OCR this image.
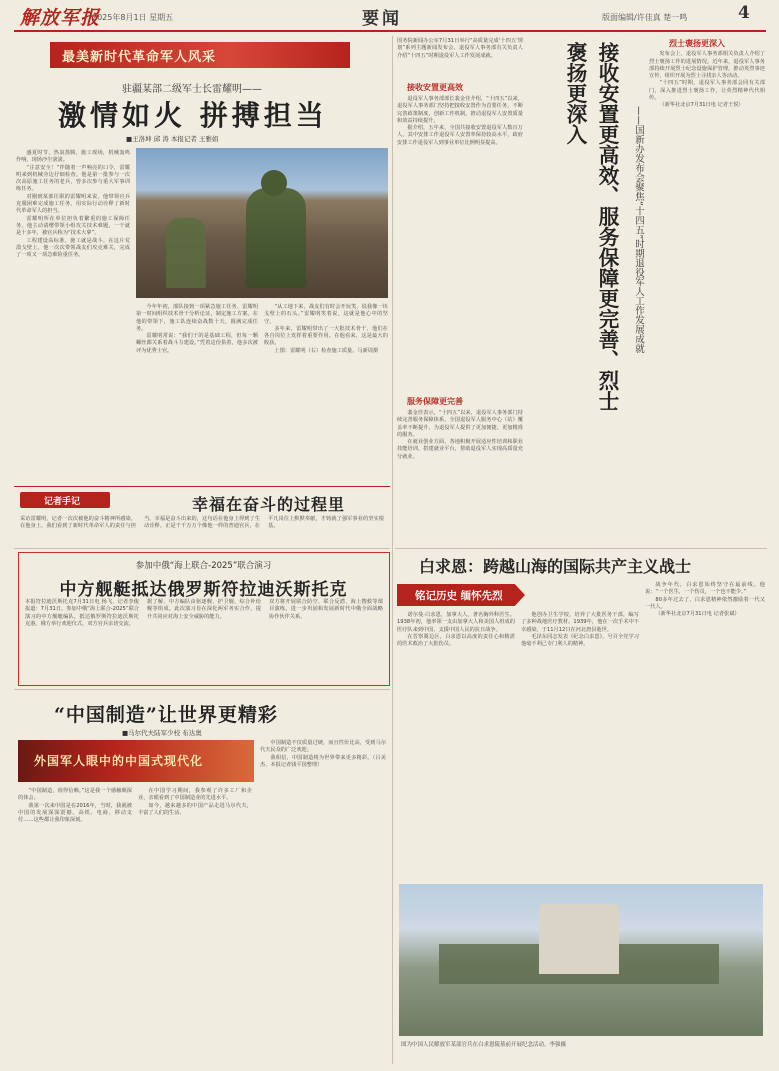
解放军报
2025年8月1日 星期五	要闻	版面编辑/许佳真 楚一鸣	4
最美新时代革命军人风采
驻疆某部二级军士长雷耀明——
激情如火 拼搏担当
■王洛坤 邱 涛 本报记者 王雅娟

盛夏时节，热浪蒸腾。施工现场，机械轰鸣作响，现场沙尘滚滚。

“注意安全！”伴随着一声响亮的口令，雷耀明来到机械旁边仔细检查。他是第一批参与一次次高原施工任务的老兵，曾多次参与重大军事训练任务。

对刚到某部任职的雷耀明来说，他带领官兵克服困难完成施工任务，用实际行动诠释了新时代革命军人的担当。

雷耀明所在单位担负着繁重的施工保障任务，他主动请缨带领小组攻关技术难题，一干就是十多年，被官兵称为“技术大拿”。

工程建设高标准，施工就是战斗。在这片荒漠戈壁上，他一次次带领战友们攻克难关，完成了一项又一项急难险重任务。

今年年初，部队接到一项紧急施工任务。雷耀明第一时间组织技术骨干分析论证，制定施工方案。在他的带领下，施工队连续奋战数十天，圆满完成任务。

雷耀明常说：“我们干的是基础工程，但每一颗螺丝都关系着战斗力建设。”凭着这份执着，他多次被评为优秀士官。

“从工地下来，战友们有时会开玩笑，说我像一块戈壁上的石头。”雷耀明笑着说，这就是他心中的坚守。

多年来，雷耀明带出了一大批技术骨干，他们在各自岗位上发挥着重要作用。在他看来，这是最大的收获。

上图：雷耀明（右）检查施工质量。马新周摄

国务院新闻办公室7月31日举行“高质量完成‘十四五’规划”系列主题新闻发布会，退役军人事务部有关负责人介绍“十四五”时期退役军人工作发展成就。
接收安置更高效

退役军人事务部部长裴金佳介绍，“十四五”以来，退役军人事务部门坚持把接收安置作为首要任务，不断完善政策制度，创新工作机制，推动退役军人安置质量和效益持续提升。

据介绍，五年来，全国共接收安置退役军人数百万人，其中安排工作退役军人安置率保持较高水平，政府安排工作退役军人到事业单位比例明显提高。

服务保障更完善

裴金佳表示，“十四五”以来，退役军人事务部门持续完善服务保障体系，全国退役军人服务中心（站）覆盖率不断提升，为退役军人提供了更加便捷、更加精准的服务。

在就业创业方面，各地积极开展适应性培训和职业技能培训，搭建就业平台，帮助退役军人实现高质量充分就业。

接收安置更高效、服务保障更完善、烈士褒扬更深入
——国新办发布会聚焦“十四五”时期退役军人工作发展成就
烈士褒扬更深入

发布会上，退役军人事务部相关负责人介绍了烈士褒扬工作的进展情况。近年来，退役军人事务部持续开展烈士纪念设施保护管理，推动英烈事迹宣传，组织开展为烈士寻找亲人等活动。

“十四五”时期，退役军人事务部会同有关部门，深入推进烈士褒扬工作，让英烈精神代代相传。

（新华社北京7月31日电 记者王悦）

记者手记	幸福在奋斗的过程里
采访雷耀明，记者一次次被他的奋斗精神所感染。在他身上，我们看到了新时代革命军人的责任与担当。幸福是奋斗出来的，这句话在他身上得到了生动诠释。正是千千万万个像他一样的普通官兵，在平凡岗位上默默奉献，才铸就了强军事业的坚实根基。
参加中俄“海上联合-2025”联合演习
中方舰艇抵达俄罗斯符拉迪沃斯托克
本报符拉迪沃斯托克7月31日电 杨飞、记者李俊报道：7月31日，参加中俄“海上联合-2025”联合演习的中方舰艇编队，抵达俄罗斯符拉迪沃斯托克港。俄方举行欢迎仪式，双方官兵亲切交流。
据了解，中方编队由驱逐舰、护卫舰、综合补给舰等组成。此次演习旨在深化两军务实合作，提升共同应对海上安全威胁的能力。
双方将开展联合防空、联合反潜、海上搜救等课目演练，进一步巩固和发展新时代中俄全面战略协作伙伴关系。
白求恩：跨越山海的国际共产主义战士
铭记历史 缅怀先烈

诺尔曼·白求恩，加拿大人，著名胸外科医生。1938年初，他率领一支由加拿大人和美国人组成的医疗队来到中国，支援中国人民的抗日战争。

在晋察冀边区，白求恩以高度的责任心和精湛的医术救治了大批伤员。

他创办卫生学校，培养了大批医务干部，编写了多种战地医疗教材。1939年，他在一次手术中不幸感染，于11月12日在河北唐县逝世。

毛泽东同志发表《纪念白求恩》，号召全党学习他毫不利己专门利人的精神。

战争年代，白求恩始终坚守在最前线。他说：“一个医生，一个伤员，一个也不能少。”

80多年过去了，白求恩精神依然激励着一代又一代人。

（新华社北京7月31日电 记者张斌）

图为中国人民解放军某部官兵在白求恩陵墓前开展纪念活动。李强摄
“中国制造”让世界更精彩
■马尔代夫陆军少校 布达奥
外国军人眼中的中国式现代化

“中国制造，值得信赖。”这是我一个感触颇深的体会。

我第一次来中国是在2016年，当时，我就被中国的发展深深震撼。高铁、电商、移动支付……这些都让我印象深刻。

在中国学习期间，我参观了许多工厂和企业，亲眼看到了中国制造业的先进水平。

如今，越来越多的中国产品走进马尔代夫，丰富了人们的生活。

中国制造不仅质量过硬，而且性价比高，受到马尔代夫民众的广泛欢迎。

我相信，中国制造将为世界带来更多精彩。（吕美杰、本报记者钱平国整理）
